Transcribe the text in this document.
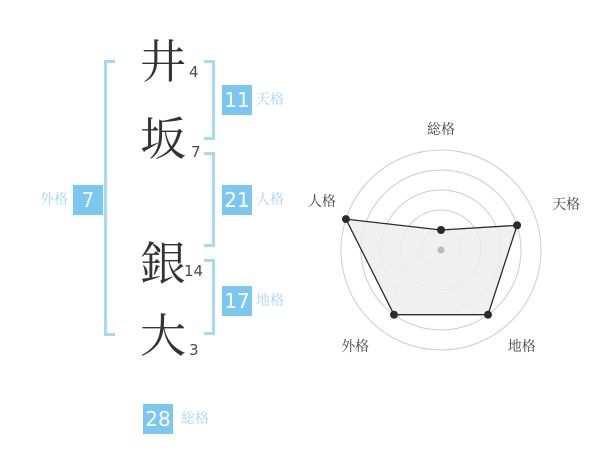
井
坂
銀
大
4
7
14
3
11
21
17
7
28
天格
人格
地格
外格
総格
総格
天格
地格
外格
人格
